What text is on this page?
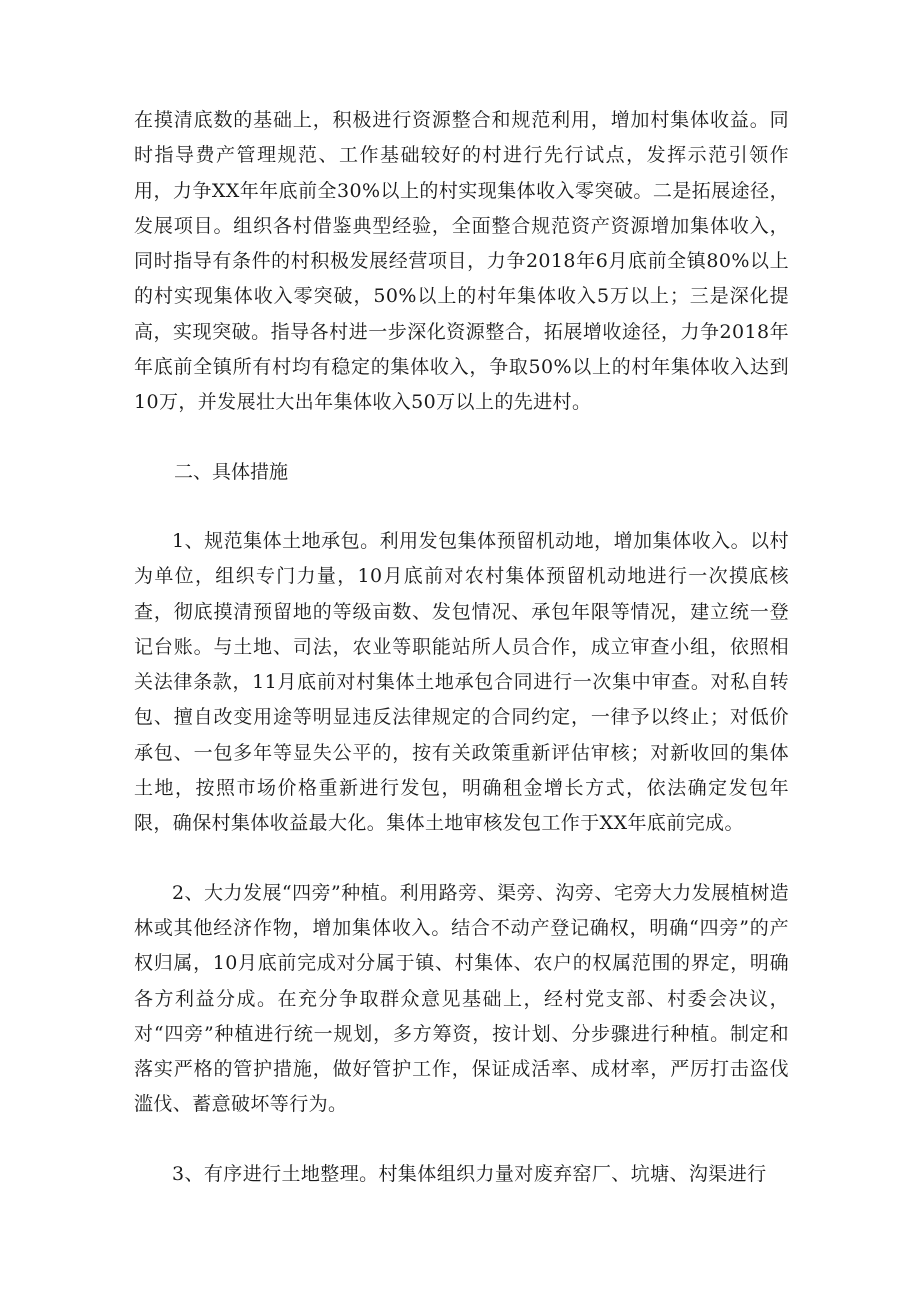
在摸清底数的基础上，积极进行资源整合和规范利用，增加村集体收益。同时指导费产管理规范、工作基础较好的村进行先行试点，发挥示范引领作用，力争XX年年底前全30%以上的村实现集体收入零突破。二是拓展途径，发展项目。组织各村借鉴典型经验，全面整合规范资产资源增加集体收入，同时指导有条件的村积极发展经营项目，力争2018年6月底前全镇80%以上的村实现集体收入零突破，50%以上的村年集体收入5万以上；三是深化提高，实现突破。指导各村进一步深化资源整合，拓展增收途径，力争2018年年底前全镇所有村均有稳定的集体收入，争取50%以上的村年集体收入达到10万，并发展壮大出年集体收入50万以上的先进村。

二、具体措施

1、规范集体土地承包。利用发包集体预留机动地，增加集体收入。以村为单位，组织专门力量，10月底前对农村集体预留机动地进行一次摸底核查，彻底摸清预留地的等级亩数、发包情况、承包年限等情况，建立统一登记台账。与土地、司法，农业等职能站所人员合作，成立审查小组，依照相关法律条款，11月底前对村集体土地承包合同进行一次集中审查。对私自转包、擅自改变用途等明显违反法律规定的合同约定，一律予以终止；对低价承包、一包多年等显失公平的，按有关政策重新评估审核；对新收回的集体土地，按照市场价格重新进行发包，明确租金增长方式，依法确定发包年限，确保村集体收益最大化。集体土地审核发包工作于XX年底前完成。

2、大力发展“四旁”种植。利用路旁、渠旁、沟旁、宅旁大力发展植树造林或其他经济作物，增加集体收入。结合不动产登记确权，明确“四旁”的产权归属，10月底前完成对分属于镇、村集体、农户的权属范围的界定，明确各方利益分成。在充分争取群众意见基础上，经村党支部、村委会决议，对“四旁”种植进行统一规划，多方筹资，按计划、分步骤进行种植。制定和落实严格的管护措施，做好管护工作，保证成活率、成材率，严厉打击盗伐滥伐、蓄意破坏等行为。

3、有序进行土地整理。村集体组织力量对废弃窑厂、坑塘、沟渠进行
